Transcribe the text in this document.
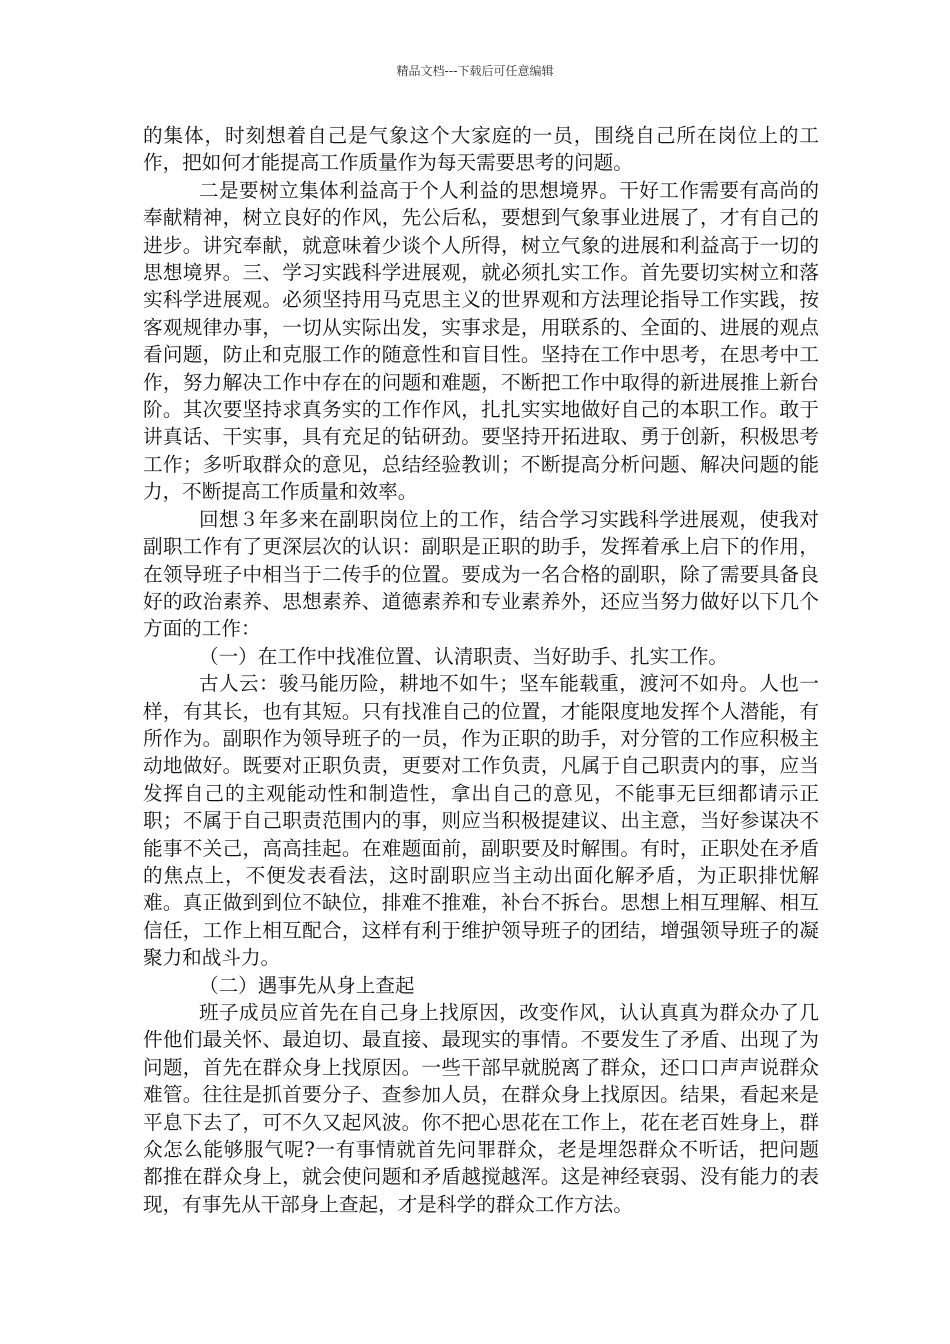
精品文档---下载后可任意编辑

的集体，时刻想着自己是气象这个大家庭的一员，围绕自己所在岗位上的工作，把如何才能提高工作质量作为每天需要思考的问题。

二是要树立集体利益高于个人利益的思想境界。干好工作需要有高尚的奉献精神，树立良好的作风，先公后私，要想到气象事业进展了，才有自己的进步。讲究奉献，就意味着少谈个人所得，树立气象的进展和利益高于一切的思想境界。三、学习实践科学进展观，就必须扎实工作。首先要切实树立和落实科学进展观。必须坚持用马克思主义的世界观和方法理论指导工作实践，按客观规律办事，一切从实际出发，实事求是，用联系的、全面的、进展的观点看问题，防止和克服工作的随意性和盲目性。坚持在工作中思考，在思考中工作，努力解决工作中存在的问题和难题，不断把工作中取得的新进展推上新台阶。其次要坚持求真务实的工作作风，扎扎实实地做好自己的本职工作。敢于讲真话、干实事，具有充足的钻研劲。要坚持开拓进取、勇于创新，积极思考工作；多听取群众的意见，总结经验教训；不断提高分析问题、解决问题的能力，不断提高工作质量和效率。

回想３年多来在副职岗位上的工作，结合学习实践科学进展观，使我对副职工作有了更深层次的认识：副职是正职的助手，发挥着承上启下的作用，在领导班子中相当于二传手的位置。要成为一名合格的副职，除了需要具备良好的政治素养、思想素养、道德素养和专业素养外，还应当努力做好以下几个方面的工作：

（一）在工作中找准位置、认清职责、当好助手、扎实工作。

古人云：骏马能历险，耕地不如牛；坚车能载重，渡河不如舟。人也一样，有其长，也有其短。只有找准自己的位置，才能限度地发挥个人潜能，有所作为。副职作为领导班子的一员，作为正职的助手，对分管的工作应积极主动地做好。既要对正职负责，更要对工作负责，凡属于自己职责内的事，应当发挥自己的主观能动性和制造性，拿出自己的意见，不能事无巨细都请示正职；不属于自己职责范围内的事，则应当积极提建议、出主意，当好参谋决不能事不关己，高高挂起。在难题面前，副职要及时解围。有时，正职处在矛盾的焦点上，不便发表看法，这时副职应当主动出面化解矛盾，为正职排忧解难。真正做到到位不缺位，排难不推难，补台不拆台。思想上相互理解、相互信任，工作上相互配合，这样有利于维护领导班子的团结，增强领导班子的凝聚力和战斗力。

（二）遇事先从身上查起

班子成员应首先在自己身上找原因，改变作风，认认真真为群众办了几件他们最关怀、最迫切、最直接、最现实的事情。不要发生了矛盾、出现了为问题，首先在群众身上找原因。一些干部早就脱离了群众，还口口声声说群众难管。往往是抓首要分子、查参加人员，在群众身上找原因。结果，看起来是平息下去了，可不久又起风波。你不把心思花在工作上，花在老百姓身上，群众怎么能够服气呢?一有事情就首先问罪群众，老是埋怨群众不听话，把问题都推在群众身上，就会使问题和矛盾越搅越浑。这是神经衰弱、没有能力的表现，有事先从干部身上查起，才是科学的群众工作方法。
